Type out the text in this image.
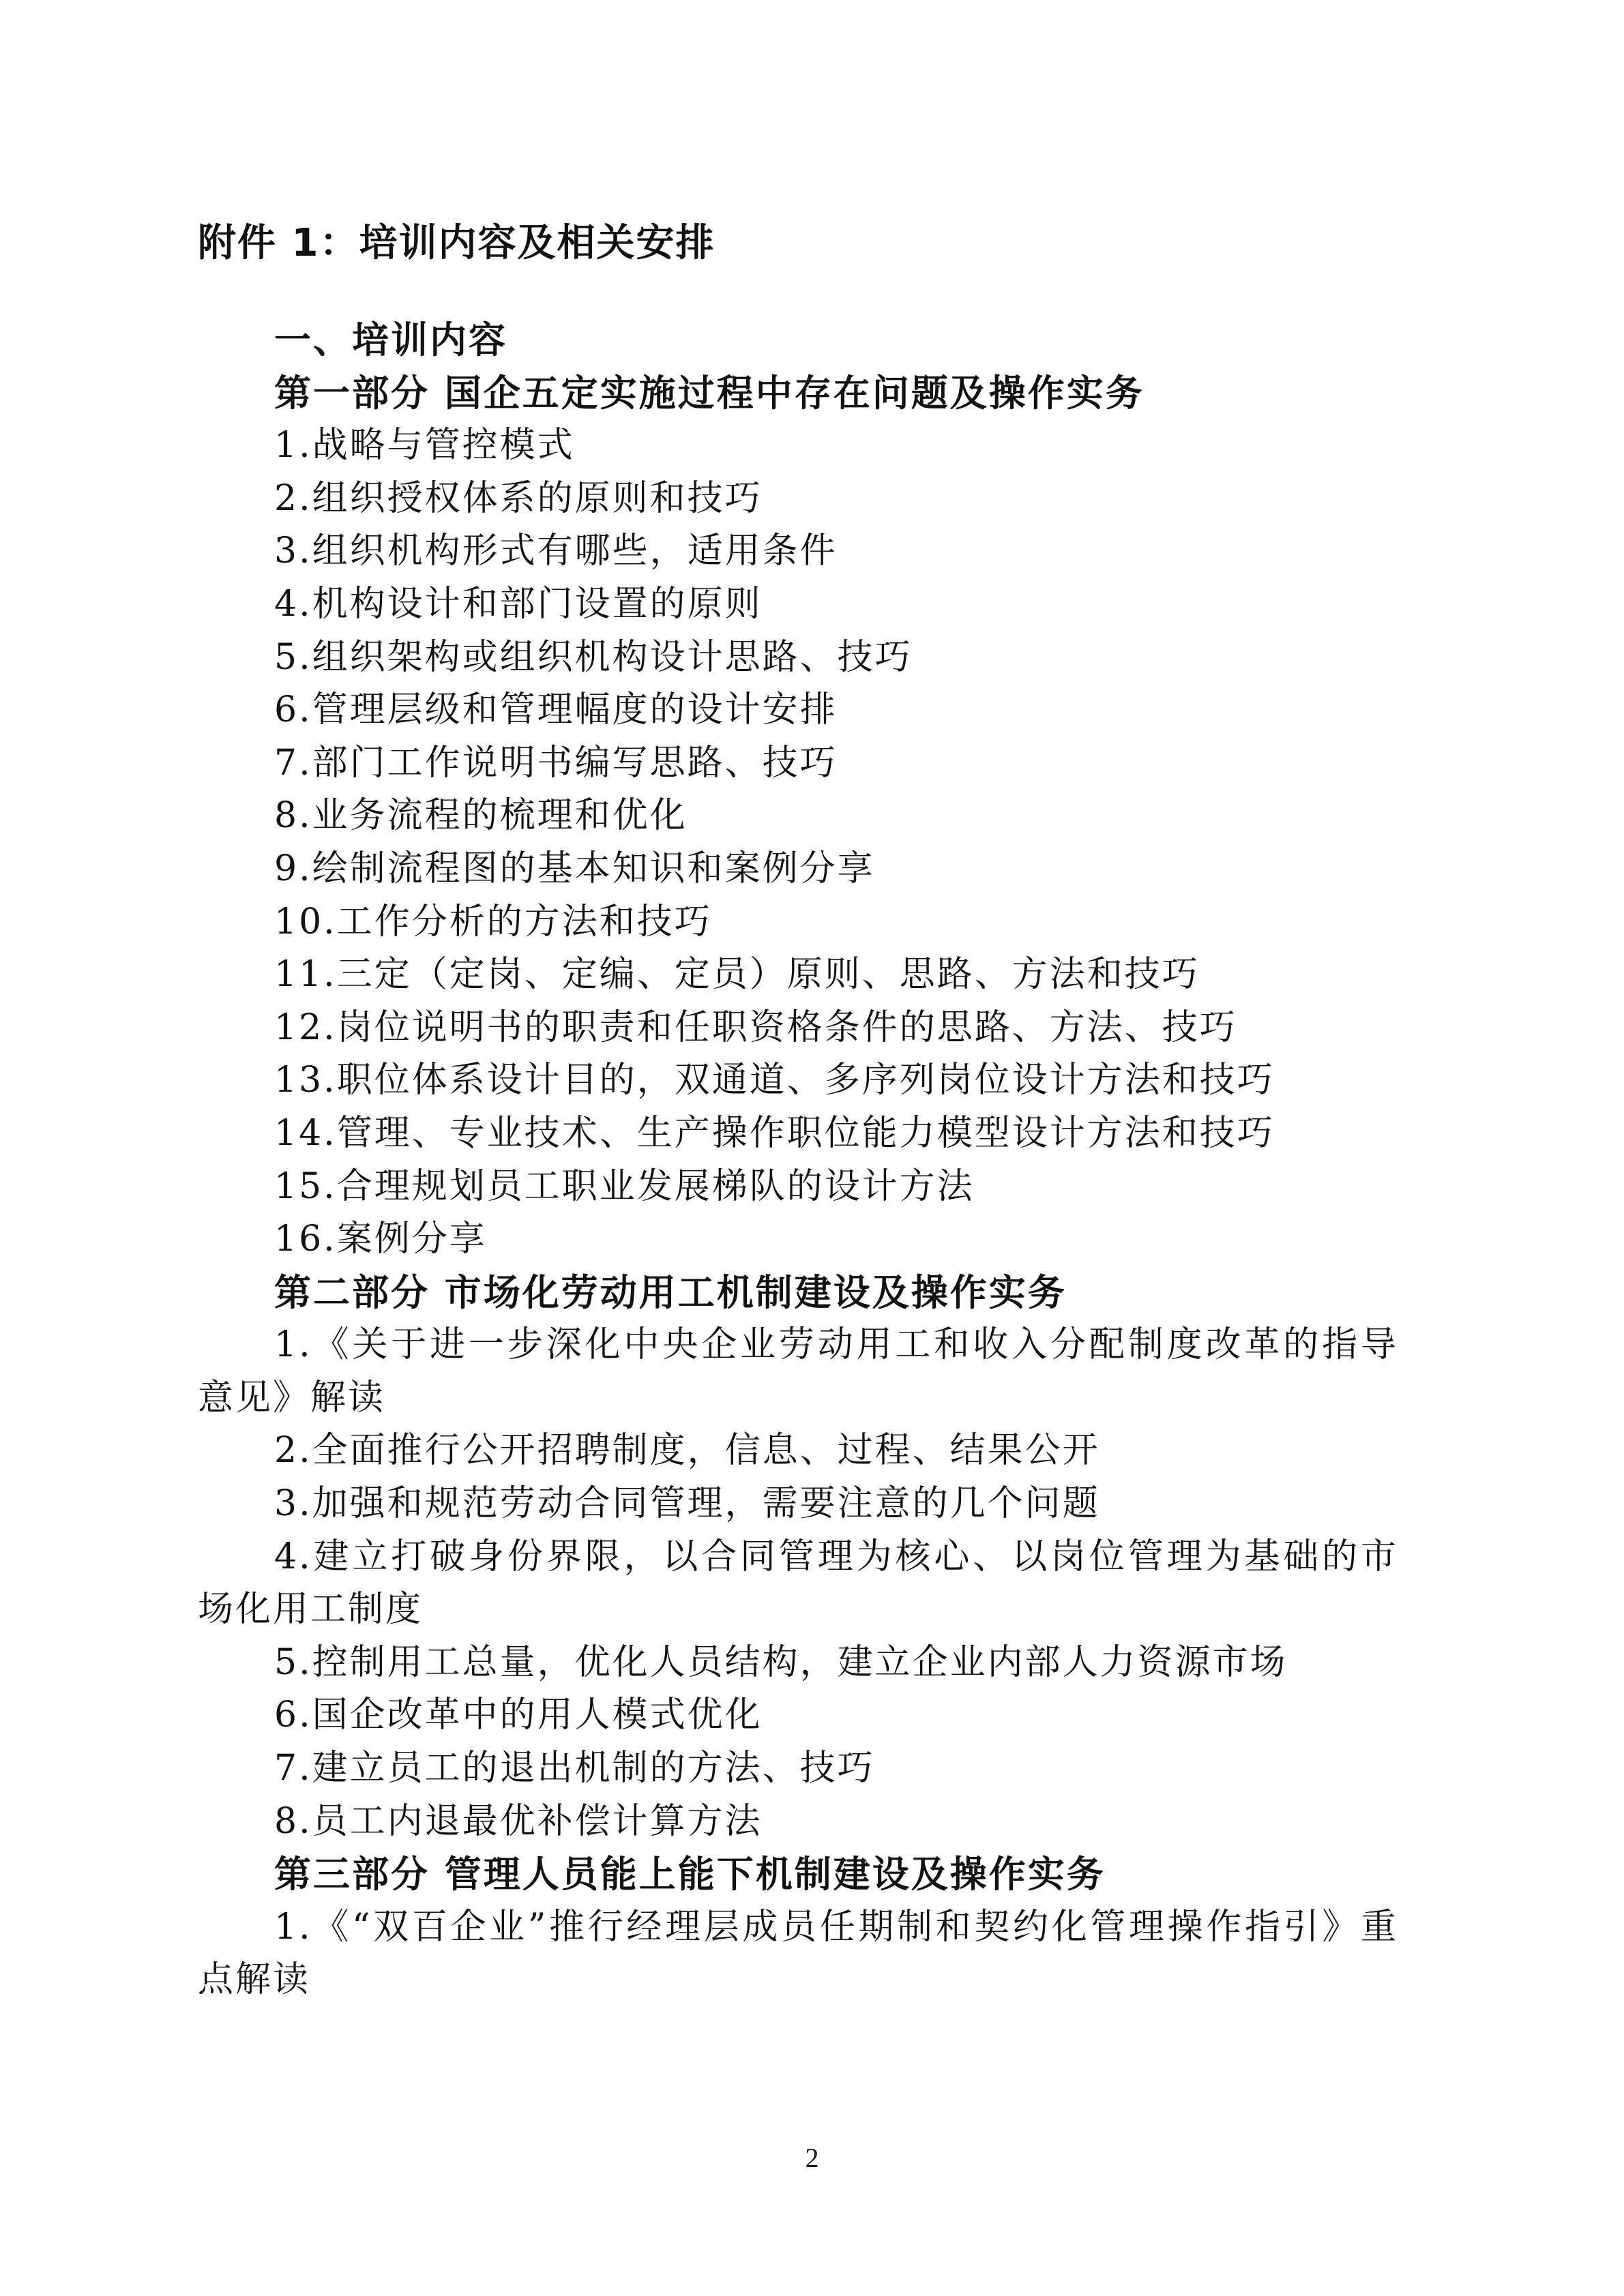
附件 1：培训内容及相关安排
一、培训内容
第一部分 国企五定实施过程中存在问题及操作实务
1.战略与管控模式
2.组织授权体系的原则和技巧
3.组织机构形式有哪些，适用条件
4.机构设计和部门设置的原则
5.组织架构或组织机构设计思路、技巧
6.管理层级和管理幅度的设计安排
7.部门工作说明书编写思路、技巧
8.业务流程的梳理和优化
9.绘制流程图的基本知识和案例分享
10.工作分析的方法和技巧
11.三定（定岗、定编、定员）原则、思路、方法和技巧
12.岗位说明书的职责和任职资格条件的思路、方法、技巧
13.职位体系设计目的，双通道、多序列岗位设计方法和技巧
14.管理、专业技术、生产操作职位能力模型设计方法和技巧
15.合理规划员工职业发展梯队的设计方法
16.案例分享
第二部分 市场化劳动用工机制建设及操作实务
1.《关于进一步深化中央企业劳动用工和收入分配制度改革的指导意见》解读
2.全面推行公开招聘制度，信息、过程、结果公开
3.加强和规范劳动合同管理，需要注意的几个问题
4.建立打破身份界限，以合同管理为核心、以岗位管理为基础的市场化用工制度
5.控制用工总量，优化人员结构，建立企业内部人力资源市场
6.国企改革中的用人模式优化
7.建立员工的退出机制的方法、技巧
8.员工内退最优补偿计算方法
第三部分 管理人员能上能下机制建设及操作实务
1.《“双百企业”推行经理层成员任期制和契约化管理操作指引》重点解读
2
